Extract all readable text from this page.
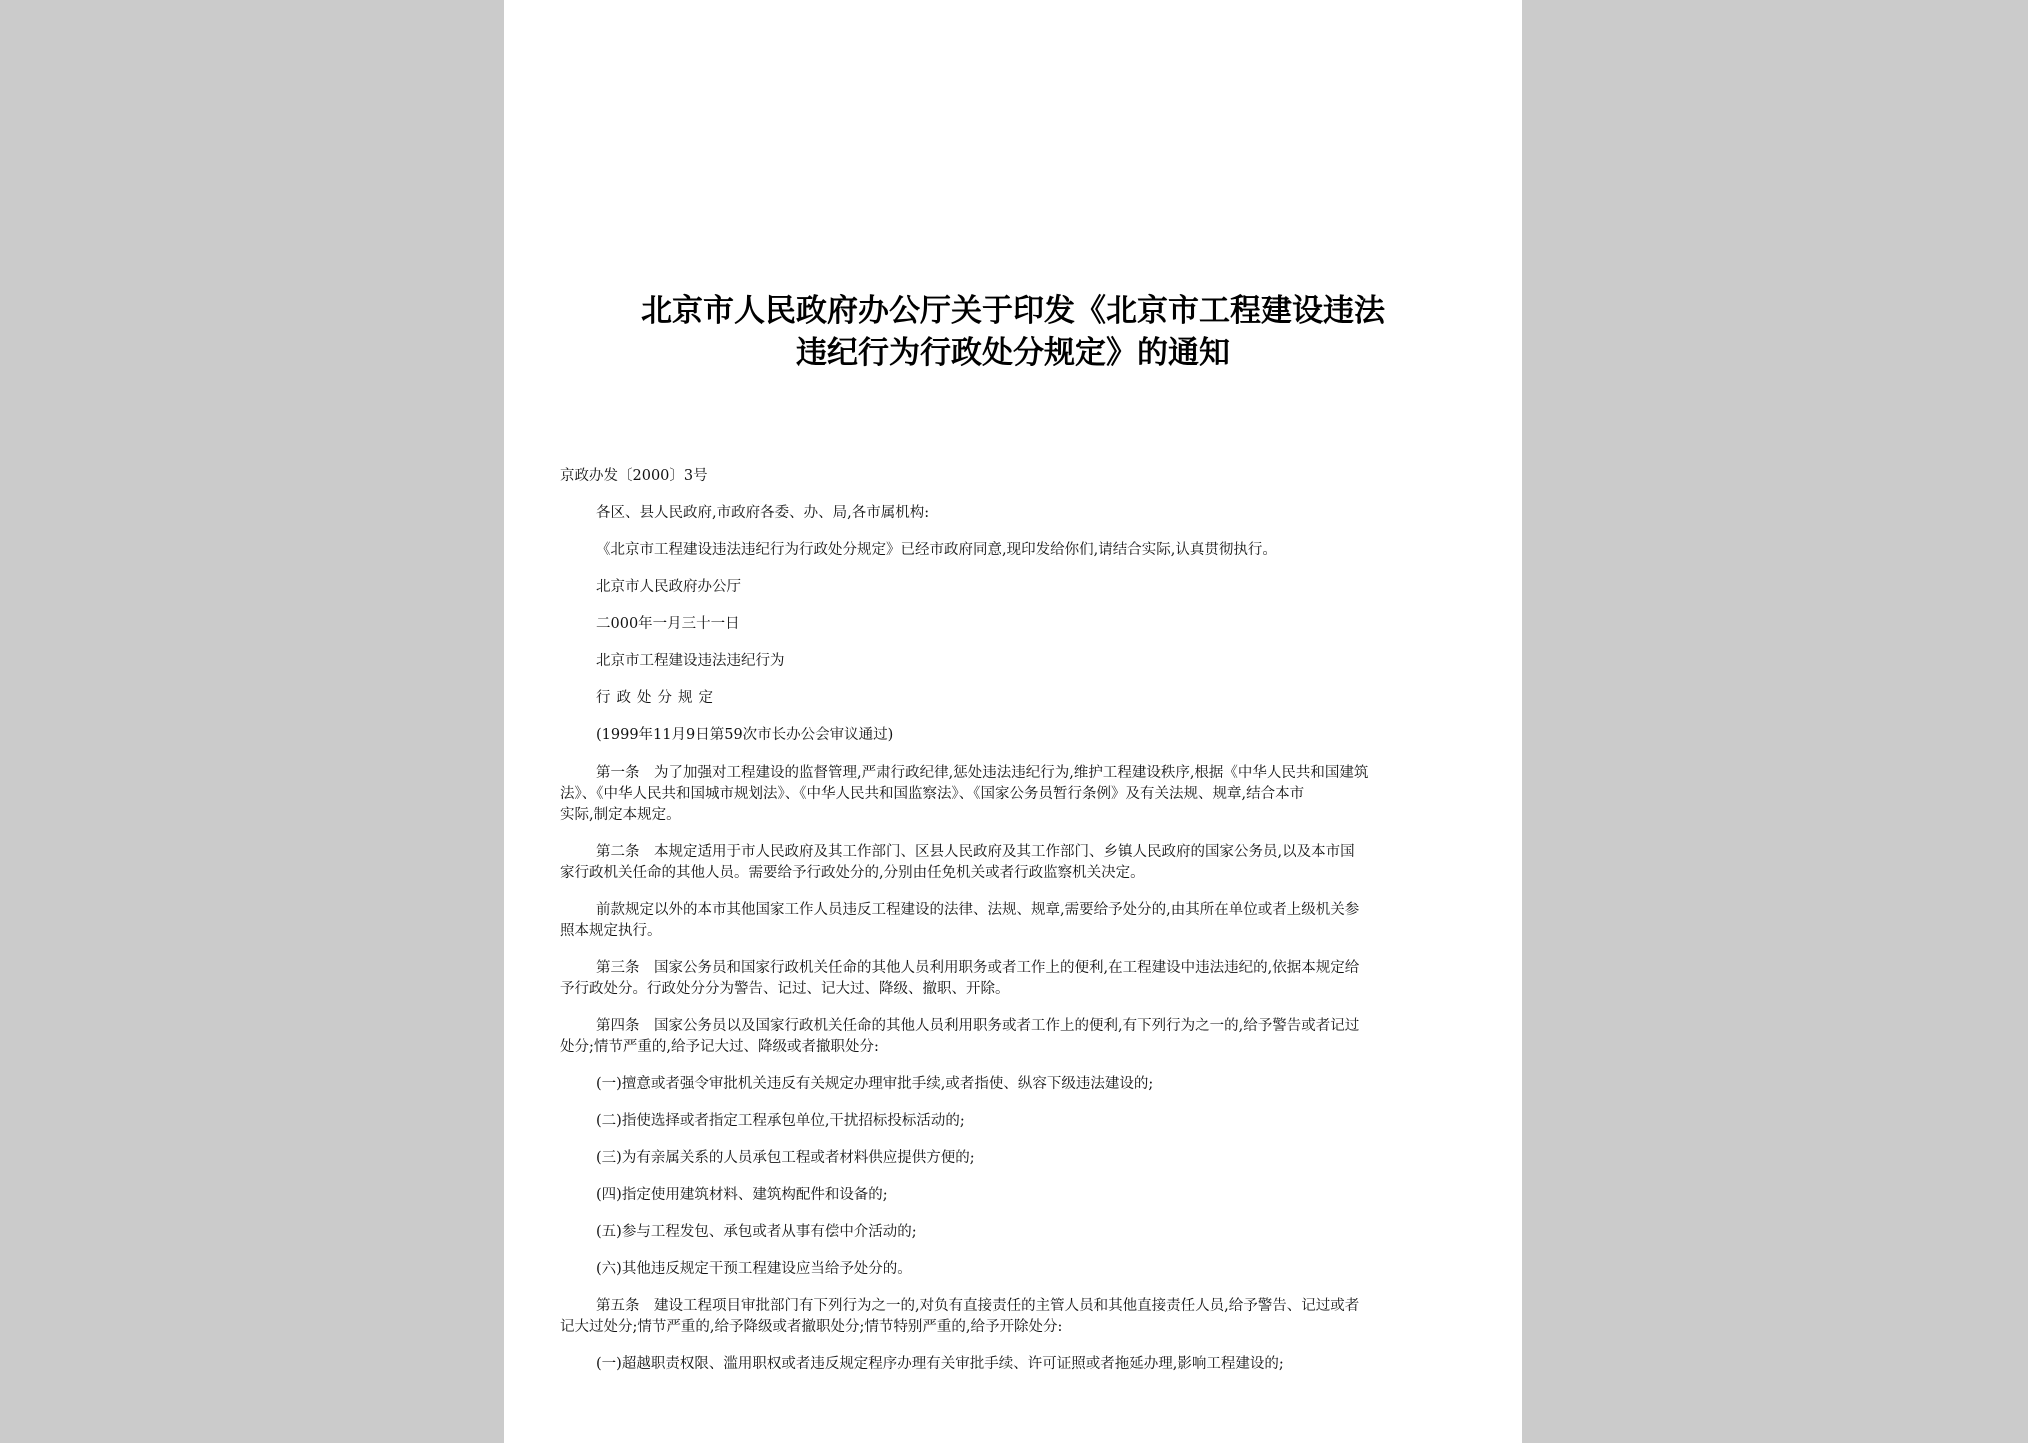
北京市人民政府办公厅关于印发《北京市工程建设违法
违纪行为行政处分规定》的通知

京政办发〔2000〕3号

各区、县人民政府,市政府各委、办、局,各市属机构:

《北京市工程建设违法违纪行为行政处分规定》已经市政府同意,现印发给你们,请结合实际,认真贯彻执行。

北京市人民政府办公厅

二000年一月三十一日

北京市工程建设违法违纪行为

行政处分规定

(1999年11月9日第59次市长办公会审议通过)

第一条　为了加强对工程建设的监督管理,严肃行政纪律,惩处违法违纪行为,维护工程建设秩序,根据《中华人民共和国建筑

法》、《中华人民共和国城市规划法》、《中华人民共和国监察法》、《国家公务员暂行条例》及有关法规、规章,结合本市

实际,制定本规定。

第二条　本规定适用于市人民政府及其工作部门、区县人民政府及其工作部门、乡镇人民政府的国家公务员,以及本市国

家行政机关任命的其他人员。需要给予行政处分的,分别由任免机关或者行政监察机关决定。

前款规定以外的本市其他国家工作人员违反工程建设的法律、法规、规章,需要给予处分的,由其所在单位或者上级机关参

照本规定执行。

第三条　国家公务员和国家行政机关任命的其他人员利用职务或者工作上的便利,在工程建设中违法违纪的,依据本规定给

予行政处分。行政处分分为警告、记过、记大过、降级、撤职、开除。

第四条　国家公务员以及国家行政机关任命的其他人员利用职务或者工作上的便利,有下列行为之一的,给予警告或者记过

处分;情节严重的,给予记大过、降级或者撤职处分:

(一)擅意或者强令审批机关违反有关规定办理审批手续,或者指使、纵容下级违法建设的;

(二)指使选择或者指定工程承包单位,干扰招标投标活动的;

(三)为有亲属关系的人员承包工程或者材料供应提供方便的;

(四)指定使用建筑材料、建筑构配件和设备的;

(五)参与工程发包、承包或者从事有偿中介活动的;

(六)其他违反规定干预工程建设应当给予处分的。

第五条　建设工程项目审批部门有下列行为之一的,对负有直接责任的主管人员和其他直接责任人员,给予警告、记过或者

记大过处分;情节严重的,给予降级或者撤职处分;情节特别严重的,给予开除处分:

(一)超越职责权限、滥用职权或者违反规定程序办理有关审批手续、许可证照或者拖延办理,影响工程建设的;
